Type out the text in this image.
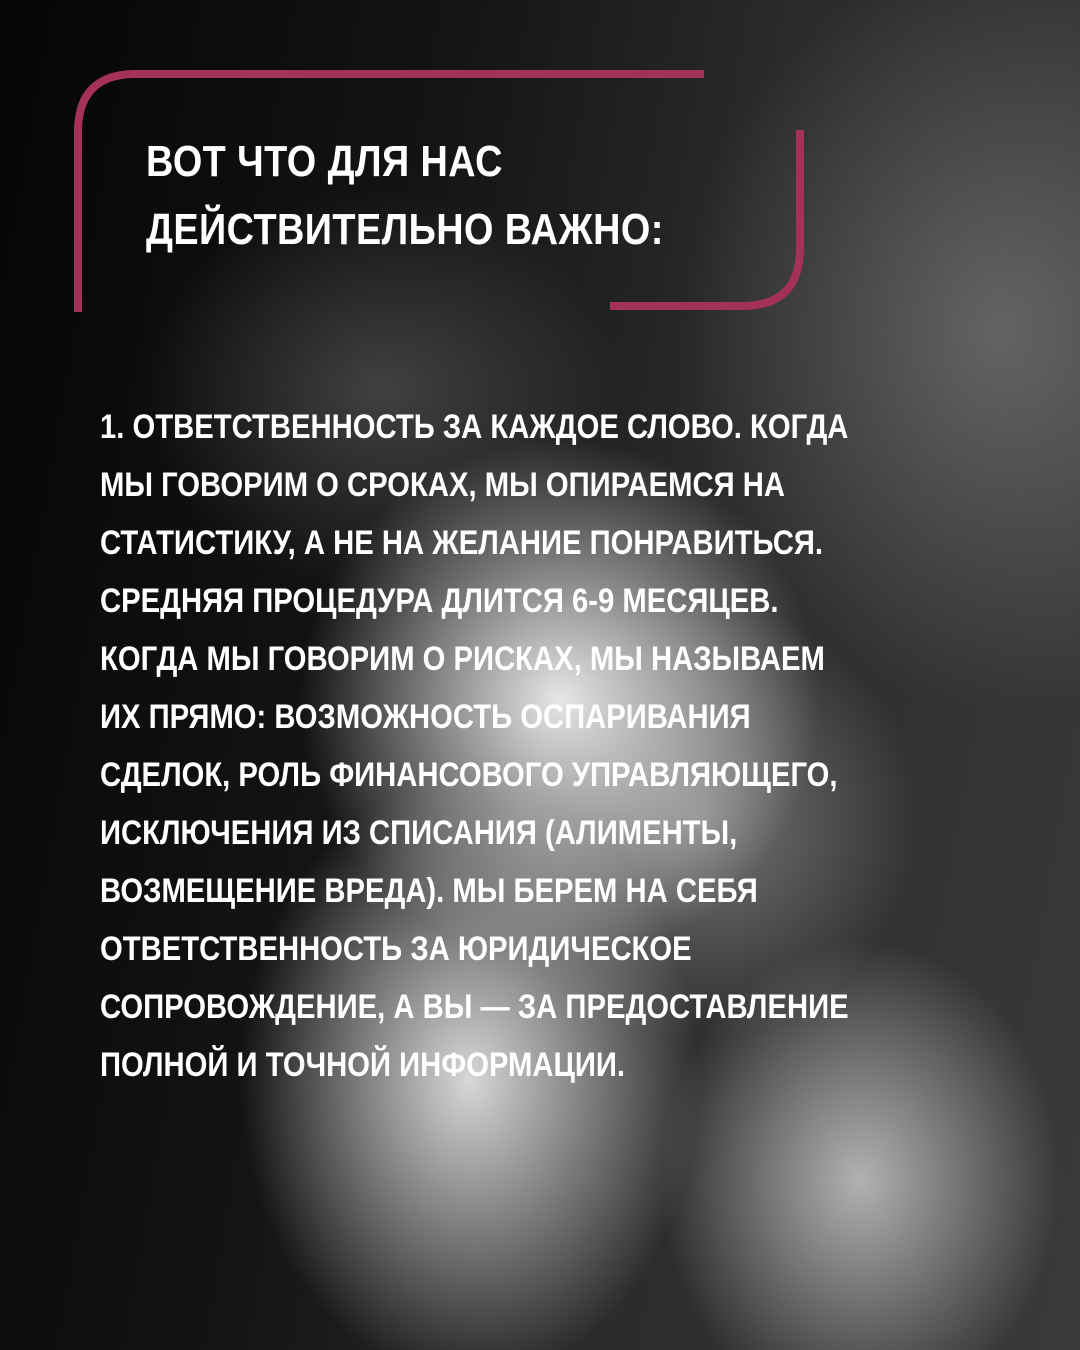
ВОТ ЧТО ДЛЯ НАС
ДЕЙСТВИТЕЛЬНО ВАЖНО:
1. ОТВЕТСТВЕННОСТЬ ЗА КАЖДОЕ СЛОВО. КОГДА
МЫ ГОВОРИМ О СРОКАХ, МЫ ОПИРАЕМСЯ НА
СТАТИСТИКУ, А НЕ НА ЖЕЛАНИЕ ПОНРАВИТЬСЯ.
СРЕДНЯЯ ПРОЦЕДУРА ДЛИТСЯ 6-9 МЕСЯЦЕВ.
КОГДА МЫ ГОВОРИМ О РИСКАХ, МЫ НАЗЫВАЕМ
ИХ ПРЯМО: ВОЗМОЖНОСТЬ ОСПАРИВАНИЯ
СДЕЛОК, РОЛЬ ФИНАНСОВОГО УПРАВЛЯЮЩЕГО,
ИСКЛЮЧЕНИЯ ИЗ СПИСАНИЯ (АЛИМЕНТЫ,
ВОЗМЕЩЕНИЕ ВРЕДА). МЫ БЕРЕМ НА СЕБЯ
ОТВЕТСТВЕННОСТЬ ЗА ЮРИДИЧЕСКОЕ
СОПРОВОЖДЕНИЕ, А ВЫ — ЗА ПРЕДОСТАВЛЕНИЕ
ПОЛНОЙ И ТОЧНОЙ ИНФОРМАЦИИ.
